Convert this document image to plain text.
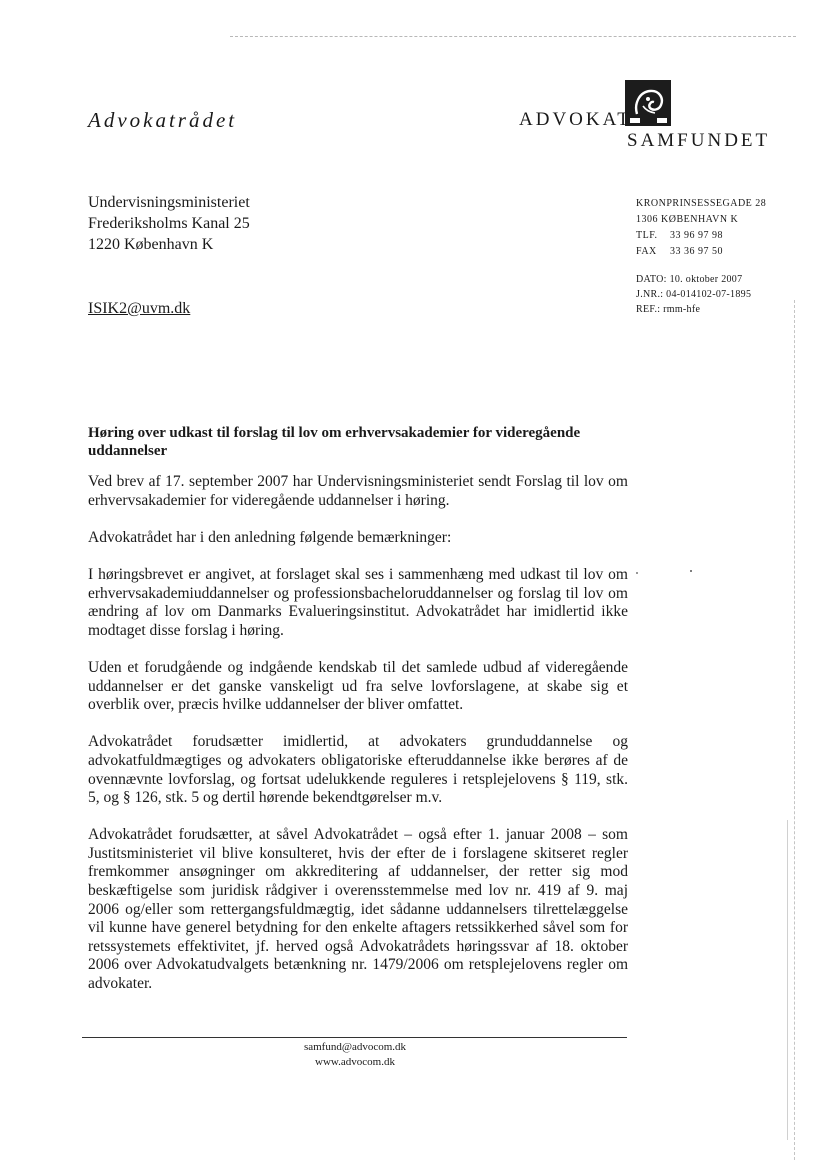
Advokatrådet	ADVOKAT
SAMFUNDET
Undervisningsministeriet
Frederiksholms Kanal 25
1220 København K
ISIK2@uvm.dk
KRONPRINSESSEGADE 28
1306 KØBENHAVN K
TLF. 33 96 97 98
FAX 33 36 97 50
DATO: 10. oktober 2007
J.NR.: 04-014102-07-1895
REF.: rmm-hfe
Høring over udkast til forslag til lov om erhvervsakademier for videregående uddannelser

Ved brev af 17. september 2007 har Undervisningsministeriet sendt Forslag til lov om erhvervsakademier for videregående uddannelser i høring.

Advokatrådet har i den anledning følgende bemærkninger:

I høringsbrevet er angivet, at forslaget skal ses i sammenhæng med udkast til lov om erhvervsakademiuddannelser og professionsbacheloruddannelser og forslag til lov om ændring af lov om Danmarks Evalueringsinstitut. Advokatrådet har imidlertid ikke modtaget disse forslag i høring.

Uden et forudgående og indgående kendskab til det samlede udbud af videregående uddannelser er det ganske vanskeligt ud fra selve lovforslagene, at skabe sig et overblik over, præcis hvilke uddannelser der bliver omfattet.

Advokatrådet forudsætter imidlertid, at advokaters grunduddannelse og advokatfuldmægtiges og advokaters obligatoriske efteruddannelse ikke berøres af de ovennævnte lovforslag, og fortsat udelukkende reguleres i retsplejelovens § 119, stk. 5, og § 126, stk. 5 og dertil hørende bekendtgørelser m.v.

Advokatrådet forudsætter, at såvel Advokatrådet – også efter 1. januar 2008 – som Justitsministeriet vil blive konsulteret, hvis der efter de i forslagene skitseret regler fremkommer ansøgninger om akkreditering af uddannelser, der retter sig mod beskæftigelse som juridisk rådgiver i overensstemmelse med lov nr. 419 af 9. maj 2006 og/eller som rettergangsfuldmægtig, idet sådanne uddannelsers tilrettelæggelse vil kunne have generel betydning for den enkelte aftagers retssikkerhed såvel som for retssystemets effektivitet, jf. herved også Advokatrådets høringssvar af 18. oktober 2006 over Advokatudvalgets betænkning nr. 1479/2006 om retsplejelovens regler om advokater.

samfund@advocom.dk
www.advocom.dk
